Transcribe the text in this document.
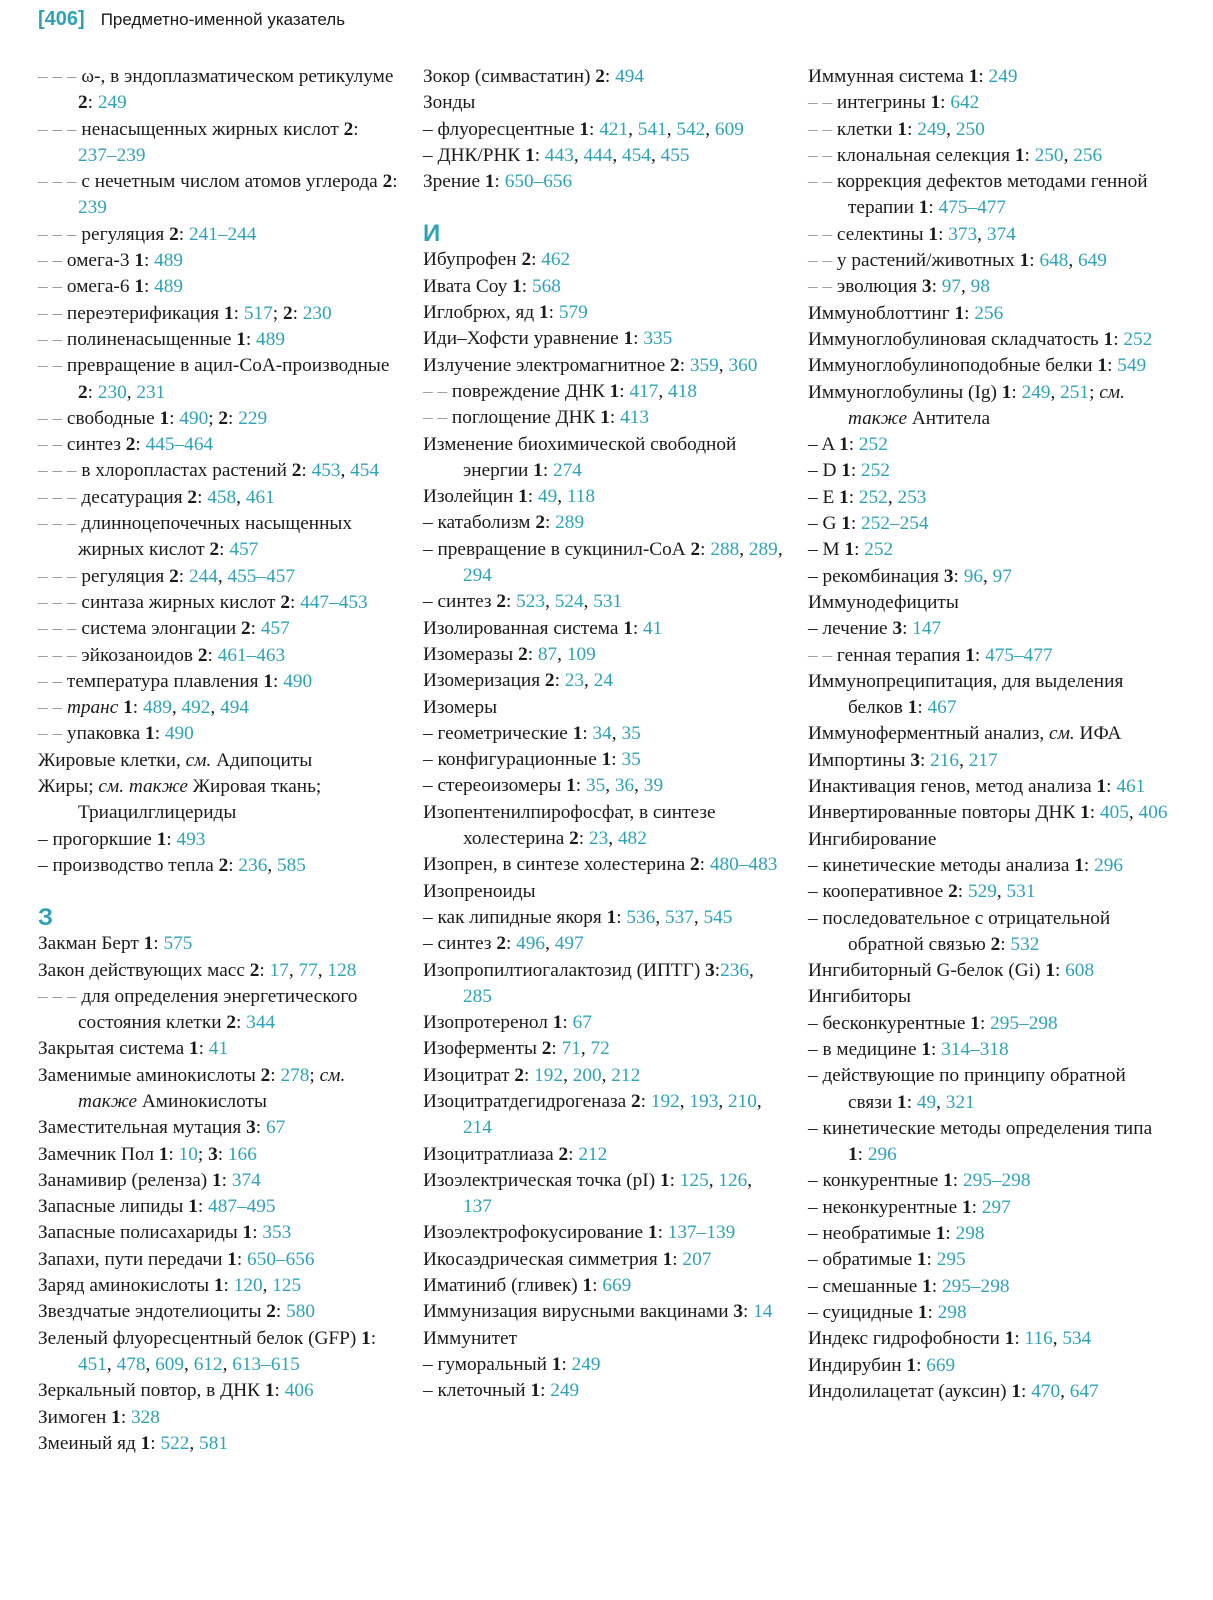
[406] Предметно-именной указатель
– – – ω-, в эндоплазматическом ретикулуме 2: 249
– – – ненасыщенных жирных кислот 2: 237–239
– – – с нечетным числом атомов углерода 2: 239
– – – регуляция 2: 241–244
– – омега-3 1: 489
– – омега-6 1: 489
– – переэтерификация 1: 517; 2: 230
– – полиненасыщенные 1: 489
– – превращение в ацил-СоА-производные 2: 230, 231
– – свободные 1: 490; 2: 229
– – синтез 2: 445–464
– – – в хлоропластах растений 2: 453, 454
– – – десатурация 2: 458, 461
– – – длинноцепочечных насыщенных жирных кислот 2: 457
– – – регуляция 2: 244, 455–457
– – – синтаза жирных кислот 2: 447–453
– – – система элонгации 2: 457
– – – эйкозаноидов 2: 461–463
– – температура плавления 1: 490
– – транс 1: 489, 492, 494
– – упаковка 1: 490
Жировые клетки, см. Адипоциты
Жиры; см. также Жировая ткань; Триацилглицериды
– прогоркшие 1: 493
– производство тепла 2: 236, 585
З
Закман Берт 1: 575
Закон действующих масс 2: 17, 77, 128
– – – для определения энергетического состояния клетки 2: 344
Закрытая система 1: 41
Заменимые аминокислоты 2: 278; см. также Аминокислоты
Заместительная мутация 3: 67
Замечник Пол 1: 10; 3: 166
Занамивир (реленза) 1: 374
Запасные липиды 1: 487–495
Запасные полисахариды 1: 353
Запахи, пути передачи 1: 650–656
Заряд аминокислоты 1: 120, 125
Звездчатые эндотелиоциты 2: 580
Зеленый флуоресцентный белок (GFP) 1: 451, 478, 609, 612, 613–615
Зеркальный повтор, в ДНК 1: 406
Зимоген 1: 328
Змеиный яд 1: 522, 581
Зокор (симвастатин) 2: 494
Зонды
– флуоресцентные 1: 421, 541, 542, 609
– ДНК/РНК 1: 443, 444, 454, 455
Зрение 1: 650–656
И
Ибупрофен 2: 462
Ивата Соу 1: 568
Иглобрюх, яд 1: 579
Иди–Хофсти уравнение 1: 335
Излучение электромагнитное 2: 359, 360
– – повреждение ДНК 1: 417, 418
– – поглощение ДНК 1: 413
Изменение биохимической свободной энергии 1: 274
Изолейцин 1: 49, 118
– катаболизм 2: 289
– превращение в сукцинил-СоА 2: 288, 289, 294
– синтез 2: 523, 524, 531
Изолированная система 1: 41
Изомеразы 2: 87, 109
Изомеризация 2: 23, 24
Изомеры
– геометрические 1: 34, 35
– конфигурационные 1: 35
– стереоизомеры 1: 35, 36, 39
Изопентенилпирофосфат, в синтезе холестерина 2: 23, 482
Изопрен, в синтезе холестерина 2: 480–483
Изопреноиды
– как липидные якоря 1: 536, 537, 545
– синтез 2: 496, 497
Изопропилтиогалактозид (ИПТГ) 3:236, 285
Изопротеренол 1: 67
Изоферменты 2: 71, 72
Изоцитрат 2: 192, 200, 212
Изоцитратдегидрогеназа 2: 192, 193, 210, 214
Изоцитратлиаза 2: 212
Изоэлектрическая точка (pI) 1: 125, 126, 137
Изоэлектрофокусирование 1: 137–139
Икосаэдрическая симметрия 1: 207
Иматиниб (гливек) 1: 669
Иммунизация вирусными вакцинами 3: 14
Иммунитет
– гуморальный 1: 249
– клеточный 1: 249
Иммунная система 1: 249
– – интегрины 1: 642
– – клетки 1: 249, 250
– – клональная селекция 1: 250, 256
– – коррекция дефектов методами генной терапии 1: 475–477
– – селектины 1: 373, 374
– – у растений/животных 1: 648, 649
– – эволюция 3: 97, 98
Иммуноблоттинг 1: 256
Иммуноглобулиновая складчатость 1: 252
Иммуноглобулиноподобные белки 1: 549
Иммуноглобулины (Ig) 1: 249, 251; см. также Антитела
– A 1: 252
– D 1: 252
– E 1: 252, 253
– G 1: 252–254
– M 1: 252
– рекомбинация 3: 96, 97
Иммунодефициты
– лечение 3: 147
– – генная терапия 1: 475–477
Иммунопреципитация, для выделения белков 1: 467
Иммуноферментный анализ, см. ИФА
Импортины 3: 216, 217
Инактивация генов, метод анализа 1: 461
Инвертированные повторы ДНК 1: 405, 406
Ингибирование
– кинетические методы анализа 1: 296
– кооперативное 2: 529, 531
– последовательное с отрицательной обратной связью 2: 532
Ингибиторный G-белок (Gi) 1: 608
Ингибиторы
– бесконкурентные 1: 295–298
– в медицине 1: 314–318
– действующие по принципу обратной связи 1: 49, 321
– кинетические методы определения типа 1: 296
– конкурентные 1: 295–298
– неконкурентные 1: 297
– необратимые 1: 298
– обратимые 1: 295
– смешанные 1: 295–298
– суицидные 1: 298
Индекс гидрофобности 1: 116, 534
Индирубин 1: 669
Индолилацетат (ауксин) 1: 470, 647
